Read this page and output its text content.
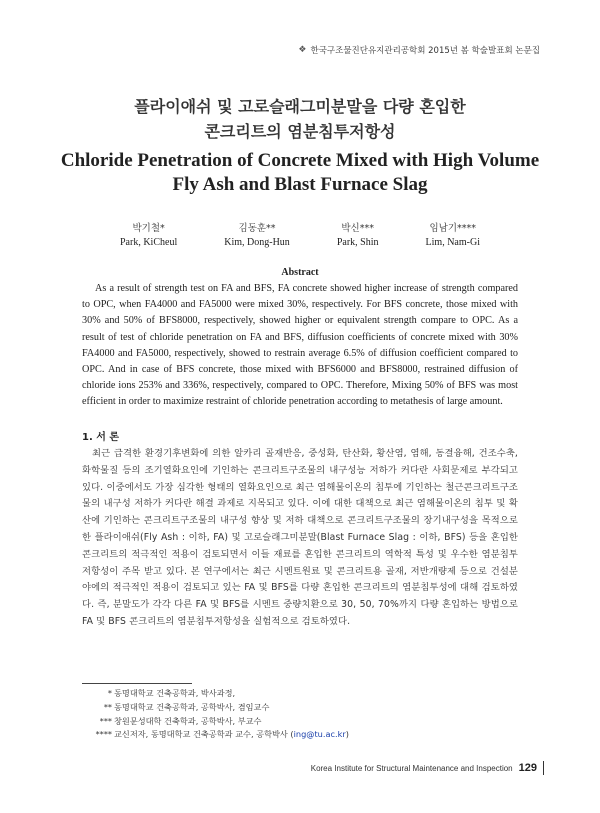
❖ 한국구조물진단유지관리공학회 2015년 봄 학술발표회 논문집
플라이애쉬 및 고로슬래그미분말을 다량 혼입한
콘크리트의 염분침투저항성
Chloride Penetration of Concrete Mixed with High Volume
Fly Ash and Blast Furnace Slag
박기철*
Park, KiCheul
김동훈**
Kim, Dong-Hun
박신***
Park, Shin
임남기****
Lim, Nam-Gi
Abstract
As a result of strength test on FA and BFS, FA concrete showed higher increase of strength compared to OPC, when FA4000 and FA5000 were mixed 30%, respectively. For BFS concrete, those mixed with 30% and 50% of BFS8000, respectively, showed higher or equivalent strength compare to OPC. As a result of test of chloride penetration on FA and BFS, diffusion coefficients of concrete mixed with 30% FA4000 and FA5000, respectively, showed to restrain average 6.5% of diffusion coefficient compared to OPC. And in case of BFS concrete, those mixed with BFS6000 and BFS8000, restrained diffusion of chloride ions 253% and 336%, respectively, compared to OPC. Therefore, Mixing 50% of BFS was most efficient in order to maximize restraint of chloride penetration according to metathesis of large amount.
1. 서 론
최근 급격한 환경기후변화에 의한 알카리 골재반응, 중성화, 탄산화, 황산염, 염해, 동결융해, 건조수축, 화학물질 등의 조기열화요인에 기인하는 콘크리트구조물의 내구성능 저하가 커다란 사회문제로 부각되고 있다. 이중에서도 가장 심각한 형태의 열화요인으로 최근 염해물이온의 침투에 기인하는 철근콘크리트구조물의 내구성 저하가 커다란 해결 과제로 지목되고 있다. 이에 대한 대책으로 최근 염해물이온의 침투 및 확산에 기인하는 콘크리트구조물의 내구성 향상 및 저하 대책으로 콘크리트구조물의 장기내구성을 목적으로 한 플라이애쉬(Fly Ash : 이하, FA) 및 고로슬래그미분말(Blast Furnace Slag : 이하, BFS) 등을 혼입한 콘크리트의 적극적인 적용이 검토되면서 이들 재료를 혼입한 콘크리트의 역학적 특성 및 우수한 염분침투저항성이 주목 받고 있다. 본 연구에서는 최근 시멘트원료 및 콘크리트용 골재, 저반개량제 등으로 건설분야에의 적극적인 적용이 검토되고 있는 FA 및 BFS를 다량 혼입한 콘크리트의 염분침투성에 대해 검토하였다. 즉, 분말도가 각각 다른 FA 및 BFS를 시멘트 중량치환으로 30, 50, 70%까지 다량 혼입하는 방법으로 FA 및 BFS 콘크리트의 염분침투저항성을 실험적으로 검토하였다.
* 동명대학교 건축공학과, 박사과정,
** 동명대학교 건축공학과, 공학박사, 겸임교수
*** 창원문성대학 건축학과, 공학박사, 부교수
**** 교신저자, 동명대학교 건축공학과 교수, 공학박사 (ing@tu.ac.kr)
Korea Institute for Structural Maintenance and Inspection 129
